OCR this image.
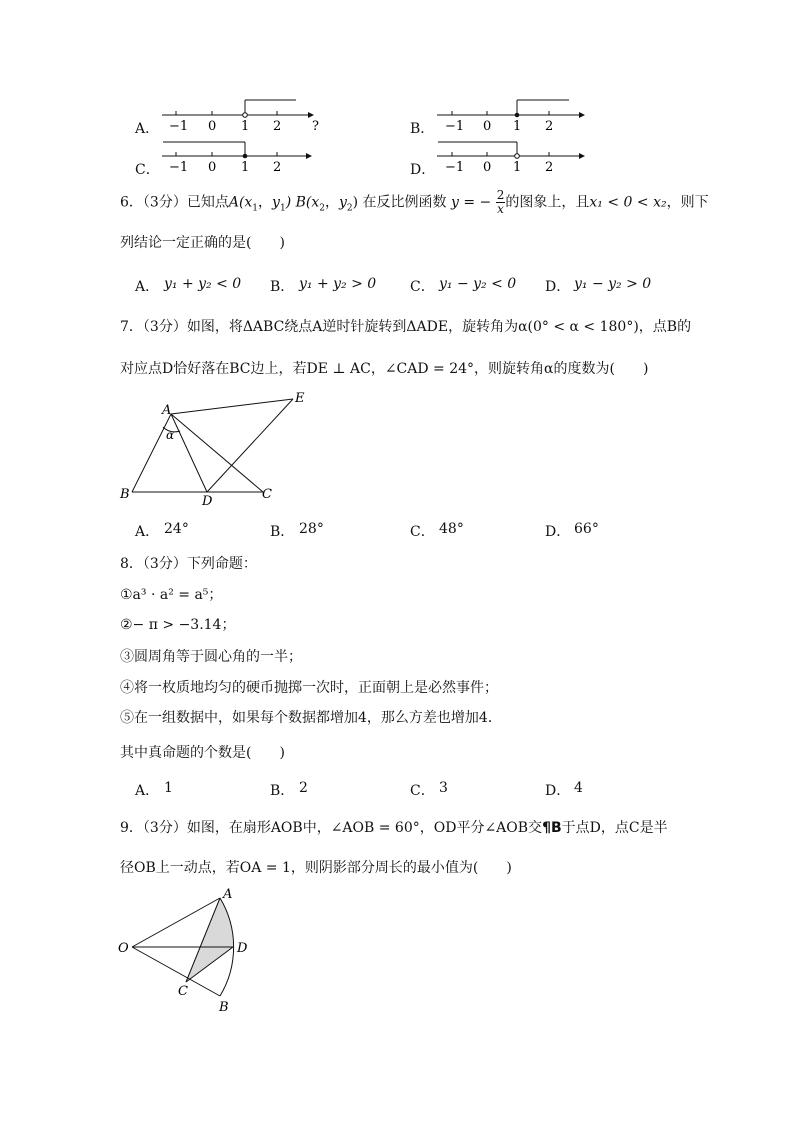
A．	B．
C．	D．
−1 0 1 2 ?	−1 0 1 2
−1 0 1 2	−1 0 1 2
6．（3分）已知点$A(x_1$，$y_1$) $B(x_2$，$y_2$) 在反比例函数 y = − $\frac{2}{x}$ 的图象上，且x₁ < 0 < x₂，则下
列结论一定正确的是(　　)
A． y₁ + y₂ < 0 B． y₁ + y₂ > 0 C． y₁ − y₂ < 0 D． y₁ − y₂ > 0
7．（3分）如图，将ΔABC绕点A逆时针旋转到ΔADE，旋转角为α(0° < α < 180°)，点B的
对应点D恰好落在BC边上，若DE ⊥ AC，∠CAD = 24°，则旋转角α的度数为(　　)
A
B	C
D
E
α
A． 24°	B． 28°	C． 48°	D． 66°
8．（3分）下列命题：
①a³ · a² = a⁵；
②− π > −3.14；
③圆周角等于圆心角的一半；
④将一枚质地均匀的硬币抛掷一次时，正面朝上是必然事件；
⑤在一组数据中，如果每个数据都增加4，那么方差也增加4．
其中真命题的个数是(　　)
A． 1	B． 2	C． 3	D． 4
9．（3分）如图，在扇形AOB中，∠AOB = 60°，OD平分∠AOB交¶B于点D，点C是半
径OB上一动点，若OA = 1，则阴影部分周长的最小值为(　　)
O
A
D
C
B
